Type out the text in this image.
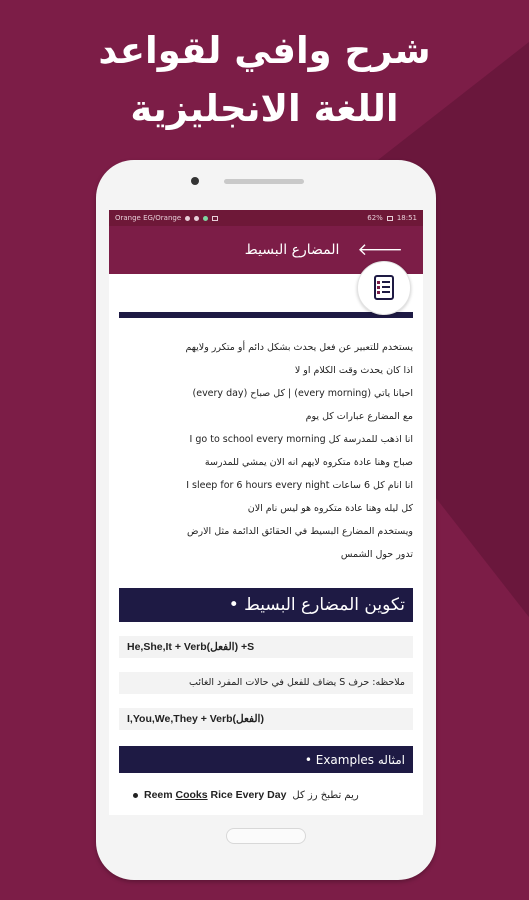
شرح وافي لقواعد
اللغة الانجليزية
Orange EG/Orange	62% 18:51
المضارع البسيط 🡐
يستخدم للتعبير عن فعل يحدث بشكل دائم أو متكرر ولايهم
اذا كان يحدث وقت الكلام او لا
احيانا ياتي (every morning) | كل صباح (every day)
مع المضارع عبارات كل يوم
انا اذهب للمدرسة كل I go to school every morning
صباح وهنا عادة متكروه لايهم انه الان يمشي للمدرسة
انا انام كل 6 ساعات I sleep for 6 hours every night
كل ليله وهنا عادة متكروه هو ليس نام الان
ويستخدم المضارع البسيط في الحقائق الدائمة مثل الارض
تدور حول الشمس
تكوين المضارع البسيط •
He,She,It + Verb(الفعل) +S
ملاحظه: حرف S يضاف للفعل في حالات المفرد الغائب
I,You,We,They + Verb(الفعل)
امثاله Examples •
Reem Cooks Rice Every Day ريم تطبخ رز كل
